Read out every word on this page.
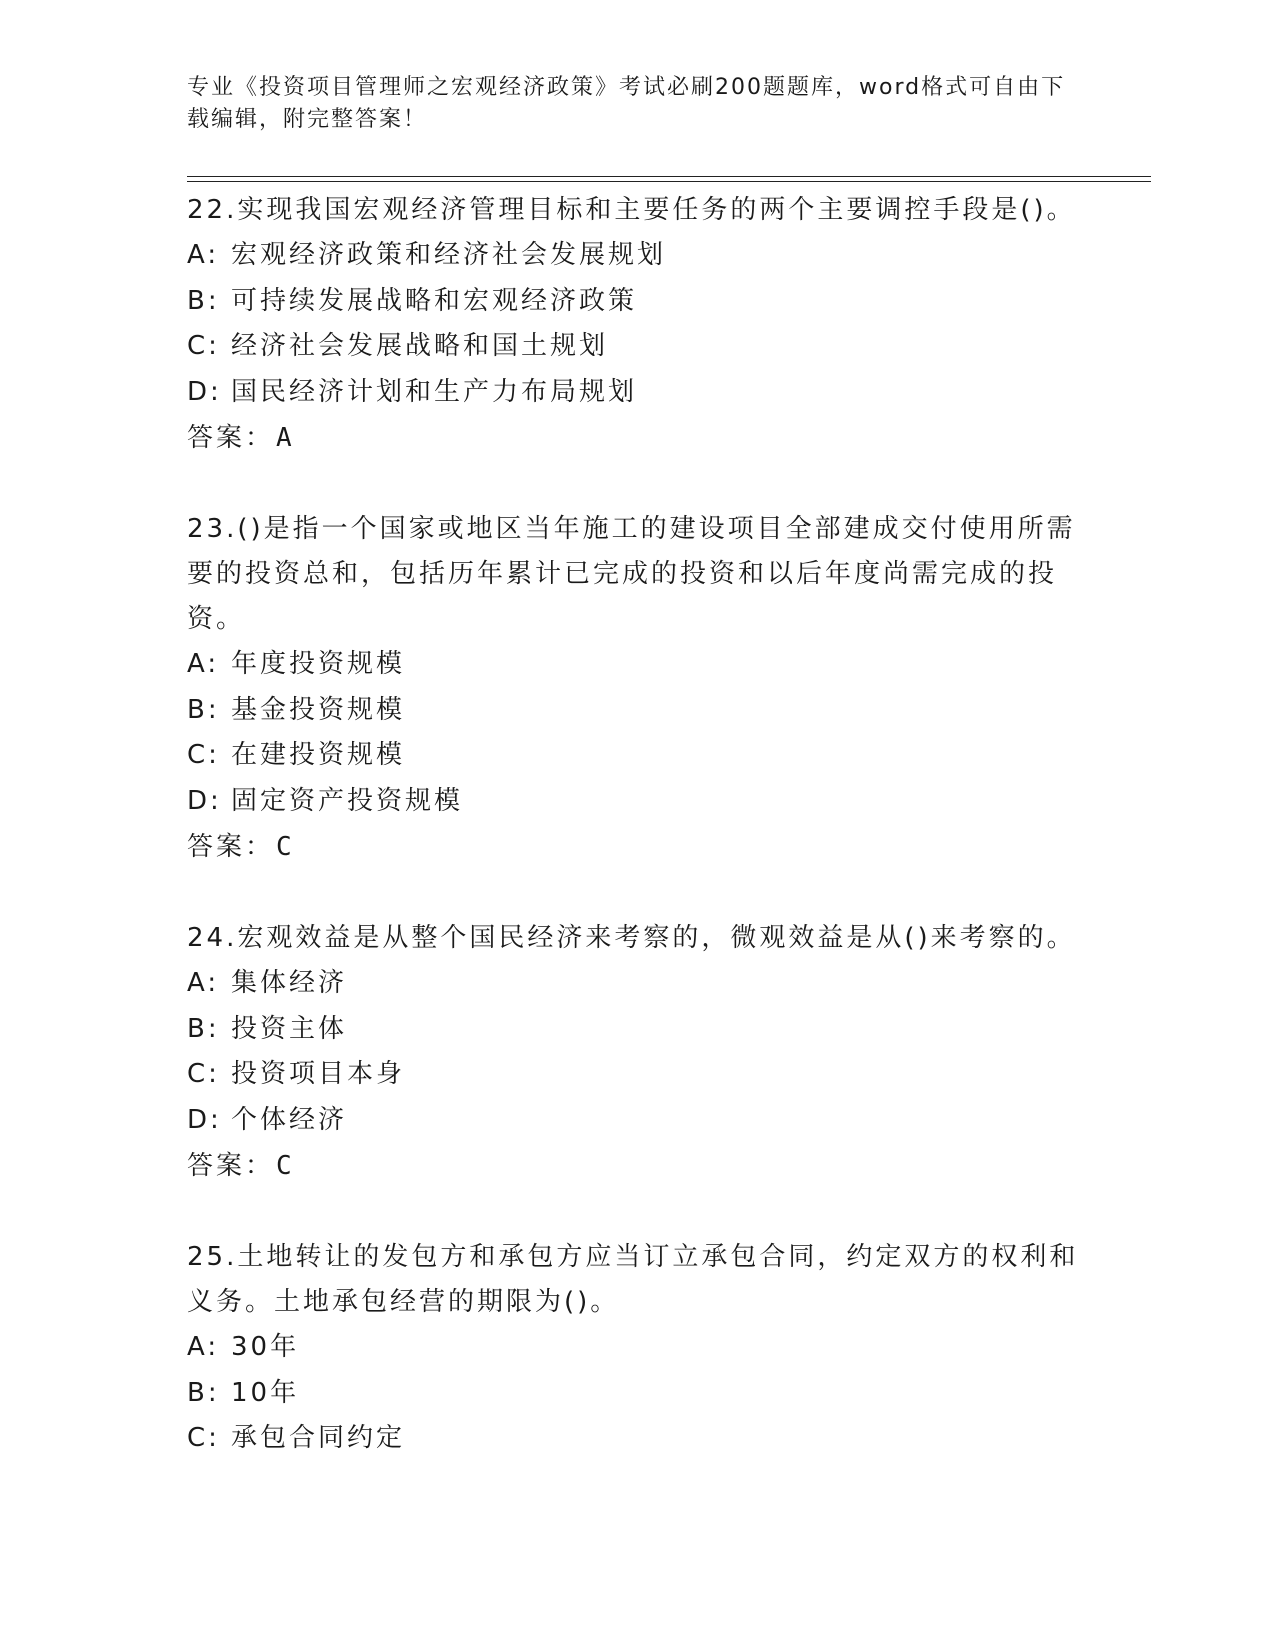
专业《投资项目管理师之宏观经济政策》考试必刷200题题库，word格式可自由下载编辑，附完整答案！
22.实现我国宏观经济管理目标和主要任务的两个主要调控手段是()。
A: 宏观经济政策和经济社会发展规划
B: 可持续发展战略和宏观经济政策
C: 经济社会发展战略和国土规划
D: 国民经济计划和生产力布局规划
答案：A
23.()是指一个国家或地区当年施工的建设项目全部建成交付使用所需要的投资总和，包括历年累计已完成的投资和以后年度尚需完成的投资。
A: 年度投资规模
B: 基金投资规模
C: 在建投资规模
D: 固定资产投资规模
答案：C
24.宏观效益是从整个国民经济来考察的，微观效益是从()来考察的。
A: 集体经济
B: 投资主体
C: 投资项目本身
D: 个体经济
答案：C
25.土地转让的发包方和承包方应当订立承包合同，约定双方的权利和义务。土地承包经营的期限为()。
A: 30年
B: 10年
C: 承包合同约定
